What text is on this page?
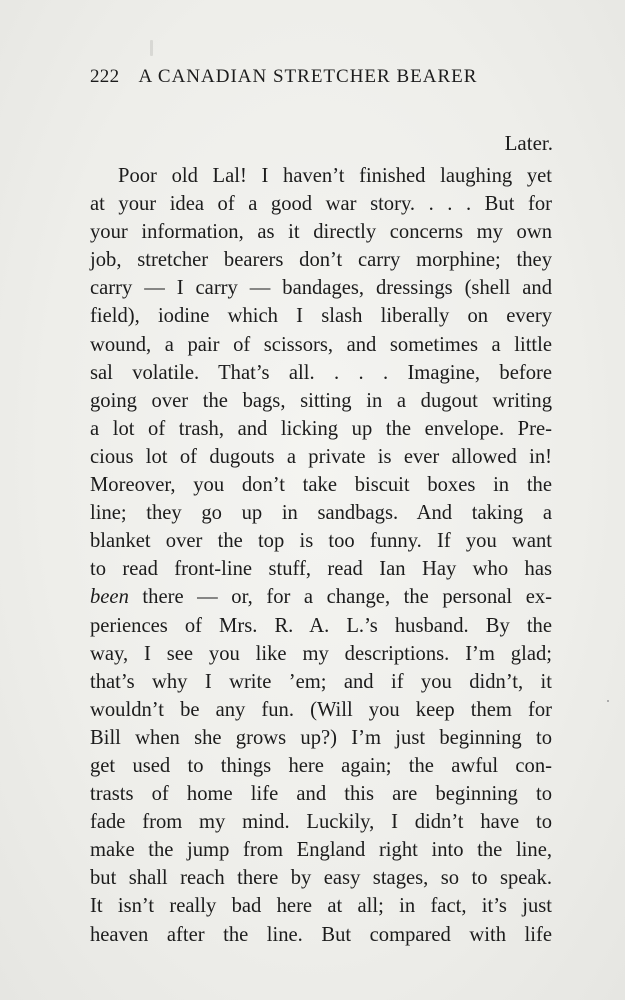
222 A CANADIAN STRETCHER BEARER
Later.
Poor old Lal! I haven’t finished laughing yet
at your idea of a good war story. . . . But for
your information, as it directly concerns my own
job, stretcher bearers don’t carry morphine; they
carry — I carry — bandages, dressings (shell and
field), iodine which I slash liberally on every
wound, a pair of scissors, and sometimes a little
sal volatile. That’s all. . . . Imagine, before
going over the bags, sitting in a dugout writing
a lot of trash, and licking up the envelope. Pre-
cious lot of dugouts a private is ever allowed in!
Moreover, you don’t take biscuit boxes in the
line; they go up in sandbags. And taking a
blanket over the top is too funny. If you want
to read front-line stuff, read Ian Hay who has
been there — or, for a change, the personal ex-
periences of Mrs. R. A. L.’s husband. By the
way, I see you like my descriptions. I’m glad;
that’s why I write ’em; and if you didn’t, it
wouldn’t be any fun. (Will you keep them for
Bill when she grows up?) I’m just beginning to
get used to things here again; the awful con-
trasts of home life and this are beginning to
fade from my mind. Luckily, I didn’t have to
make the jump from England right into the line,
but shall reach there by easy stages, so to speak.
It isn’t really bad here at all; in fact, it’s just
heaven after the line. But compared with life
